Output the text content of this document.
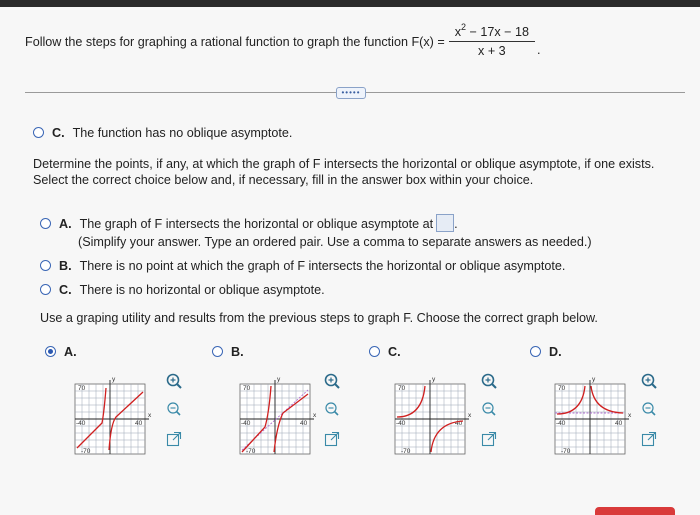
Follow the steps for graphing a rational function to graph the function $F(x) = \frac{x^2 - 17x - 18}{x + 3}$ .
•••••
C. The function has no oblique asymptote.
Determine the points, if any, at which the graph of F intersects the horizontal or oblique asymptote, if one exists. Select the correct choice below and, if necessary, fill in the answer box within your choice.
A. The graph of F intersects the horizontal or oblique asymptote at .
(Simplify your answer. Type an ordered pair. Use a comma to separate answers as needed.)
B. There is no point at which the graph of F intersects the horizontal or oblique asymptote.
C. There is no horizontal or oblique asymptote.
Use a graping utility and results from the previous steps to graph F. Choose the correct graph below.
A.	B.	C.	D.
y
x
70
-40	40
-70
y
x
70
-40	40
-70
y
x
70
-40	40
-70
y
x
70
-40	40
-70
